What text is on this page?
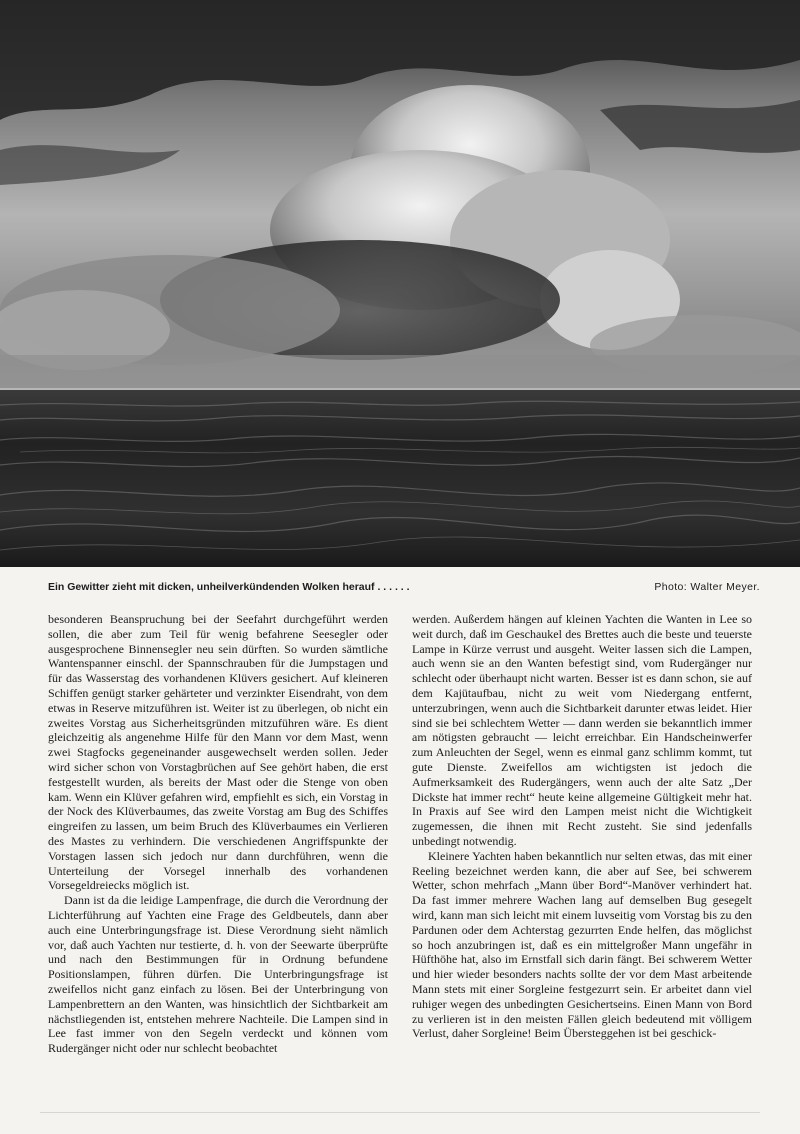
Ein Gewitter zieht mit dicken, unheilverkündenden Wolken herauf . . . . . .	Photo: Walter Meyer.

besonderen Beanspruchung bei der Seefahrt durchgeführt werden sollen, die aber zum Teil für wenig befahrene Seesegler oder ausgesprochene Binnensegler neu sein dürften. So wurden sämtliche Wantenspanner einschl. der Spannschrauben für die Jumpstagen und für das Wasserstag des vorhandenen Klüvers gesichert. Auf kleineren Schiffen genügt starker gehärteter und verzinkter Eisendraht, von dem etwas in Reserve mitzuführen ist. Weiter ist zu überlegen, ob nicht ein zweites Vorstag aus Sicherheitsgründen mitzuführen wäre. Es dient gleichzeitig als angenehme Hilfe für den Mann vor dem Mast, wenn zwei Stagfocks gegeneinander ausgewechselt werden sollen. Jeder wird sicher schon von Vorstagbrüchen auf See gehört haben, die erst festgestellt wurden, als bereits der Mast oder die Stenge von oben kam. Wenn ein Klüver gefahren wird, empfiehlt es sich, ein Vorstag in der Nock des Klüverbaumes, das zweite Vorstag am Bug des Schiffes eingreifen zu lassen, um beim Bruch des Klüverbaumes ein Verlieren des Mastes zu verhindern. Die verschiedenen Angriffspunkte der Vorstagen lassen sich jedoch nur dann durchführen, wenn die Unterteilung der Vorsegel innerhalb des vorhandenen Vorsegeldreiecks möglich ist.

Dann ist da die leidige Lampenfrage, die durch die Verordnung der Lichterführung auf Yachten eine Frage des Geldbeutels, dann aber auch eine Unterbringungsfrage ist. Diese Verordnung sieht nämlich vor, daß auch Yachten nur testierte, d. h. von der Seewarte überprüfte und nach den Bestimmungen für in Ordnung befundene Positionslampen, führen dürfen. Die Unterbringungsfrage ist zweifellos nicht ganz einfach zu lösen. Bei der Unterbringung von Lampenbrettern an den Wanten, was hinsichtlich der Sichtbarkeit am nächstliegenden ist, entstehen mehrere Nachteile. Die Lampen sind in Lee fast immer von den Segeln verdeckt und können vom Rudergänger nicht oder nur schlecht beobachtet

werden. Außerdem hängen auf kleinen Yachten die Wanten in Lee so weit durch, daß im Geschaukel des Brettes auch die beste und teuerste Lampe in Kürze verrust und ausgeht. Weiter lassen sich die Lampen, auch wenn sie an den Wanten befestigt sind, vom Rudergänger nur schlecht oder überhaupt nicht warten. Besser ist es dann schon, sie auf dem Kajütaufbau, nicht zu weit vom Niedergang entfernt, unterzubringen, wenn auch die Sichtbarkeit darunter etwas leidet. Hier sind sie bei schlechtem Wetter — dann werden sie bekanntlich immer am nötigsten gebraucht — leicht erreichbar. Ein Handscheinwerfer zum Anleuchten der Segel, wenn es einmal ganz schlimm kommt, tut gute Dienste. Zweifellos am wichtigsten ist jedoch die Aufmerksamkeit des Rudergängers, wenn auch der alte Satz „Der Dickste hat immer recht“ heute keine allgemeine Gültigkeit mehr hat. In Praxis auf See wird den Lampen meist nicht die Wichtigkeit zugemessen, die ihnen mit Recht zusteht. Sie sind jedenfalls unbedingt notwendig.

Kleinere Yachten haben bekanntlich nur selten etwas, das mit einer Reeling bezeichnet werden kann, die aber auf See, bei schwerem Wetter, schon mehrfach „Mann über Bord“-Manöver verhindert hat. Da fast immer mehrere Wachen lang auf demselben Bug gesegelt wird, kann man sich leicht mit einem luvseitig vom Vorstag bis zu den Pardunen oder dem Achterstag gezurrten Ende helfen, das möglichst so hoch anzubringen ist, daß es ein mittelgroßer Mann ungefähr in Hüfthöhe hat, also im Ernstfall sich darin fängt. Bei schwerem Wetter und hier wieder besonders nachts sollte der vor dem Mast arbeitende Mann stets mit einer Sorgleine festgezurrt sein. Er arbeitet dann viel ruhiger wegen des unbedingten Gesichertseins. Einen Mann von Bord zu verlieren ist in den meisten Fällen gleich bedeutend mit völligem Verlust, daher Sorgleine! Beim Übersteggehen ist bei geschick-
